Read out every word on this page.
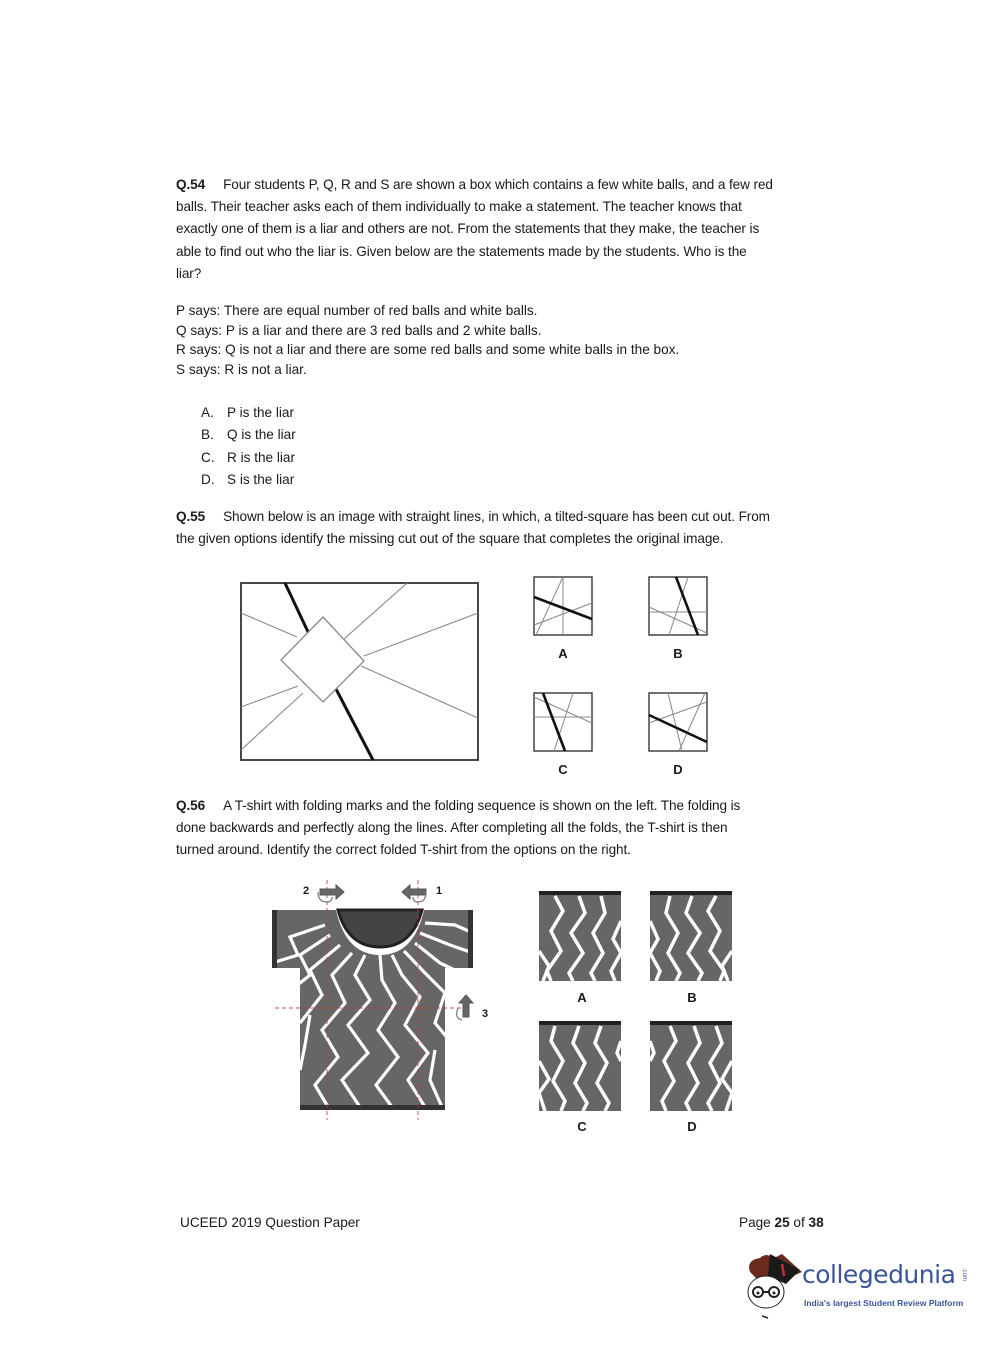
Q.54 Four students P, Q, R and S are shown a box which contains a few white balls, and a few red
balls. Their teacher asks each of them individually to make a statement. The teacher knows that
exactly one of them is a liar and others are not. From the statements that they make, the teacher is
able to find out who the liar is. Given below are the statements made by the students. Who is the
liar?
P says: There are equal number of red balls and white balls.
Q says: P is a liar and there are 3 red balls and 2 white balls.
R says: Q is not a liar and there are some red balls and some white balls in the box.
S says: R is not a liar.
A. P is the liar
B. Q is the liar
C. R is the liar
D. S is the liar
Q.55 Shown below is an image with straight lines, in which, a tilted-square has been cut out. From
the given options identify the missing cut out of the square that completes the original image.
A	B
C	D
Q.56 A T-shirt with folding marks and the folding sequence is shown on the left. The folding is
done backwards and perfectly along the lines. After completing all the folds, the T-shirt is then
turned around. Identify the correct folded T-shirt from the options on the right.
2	1
3
A	B
C	D
UCEED 2019 Question Paper	Page 25 of 38
collegedunia .com
India's largest Student Review Platform
